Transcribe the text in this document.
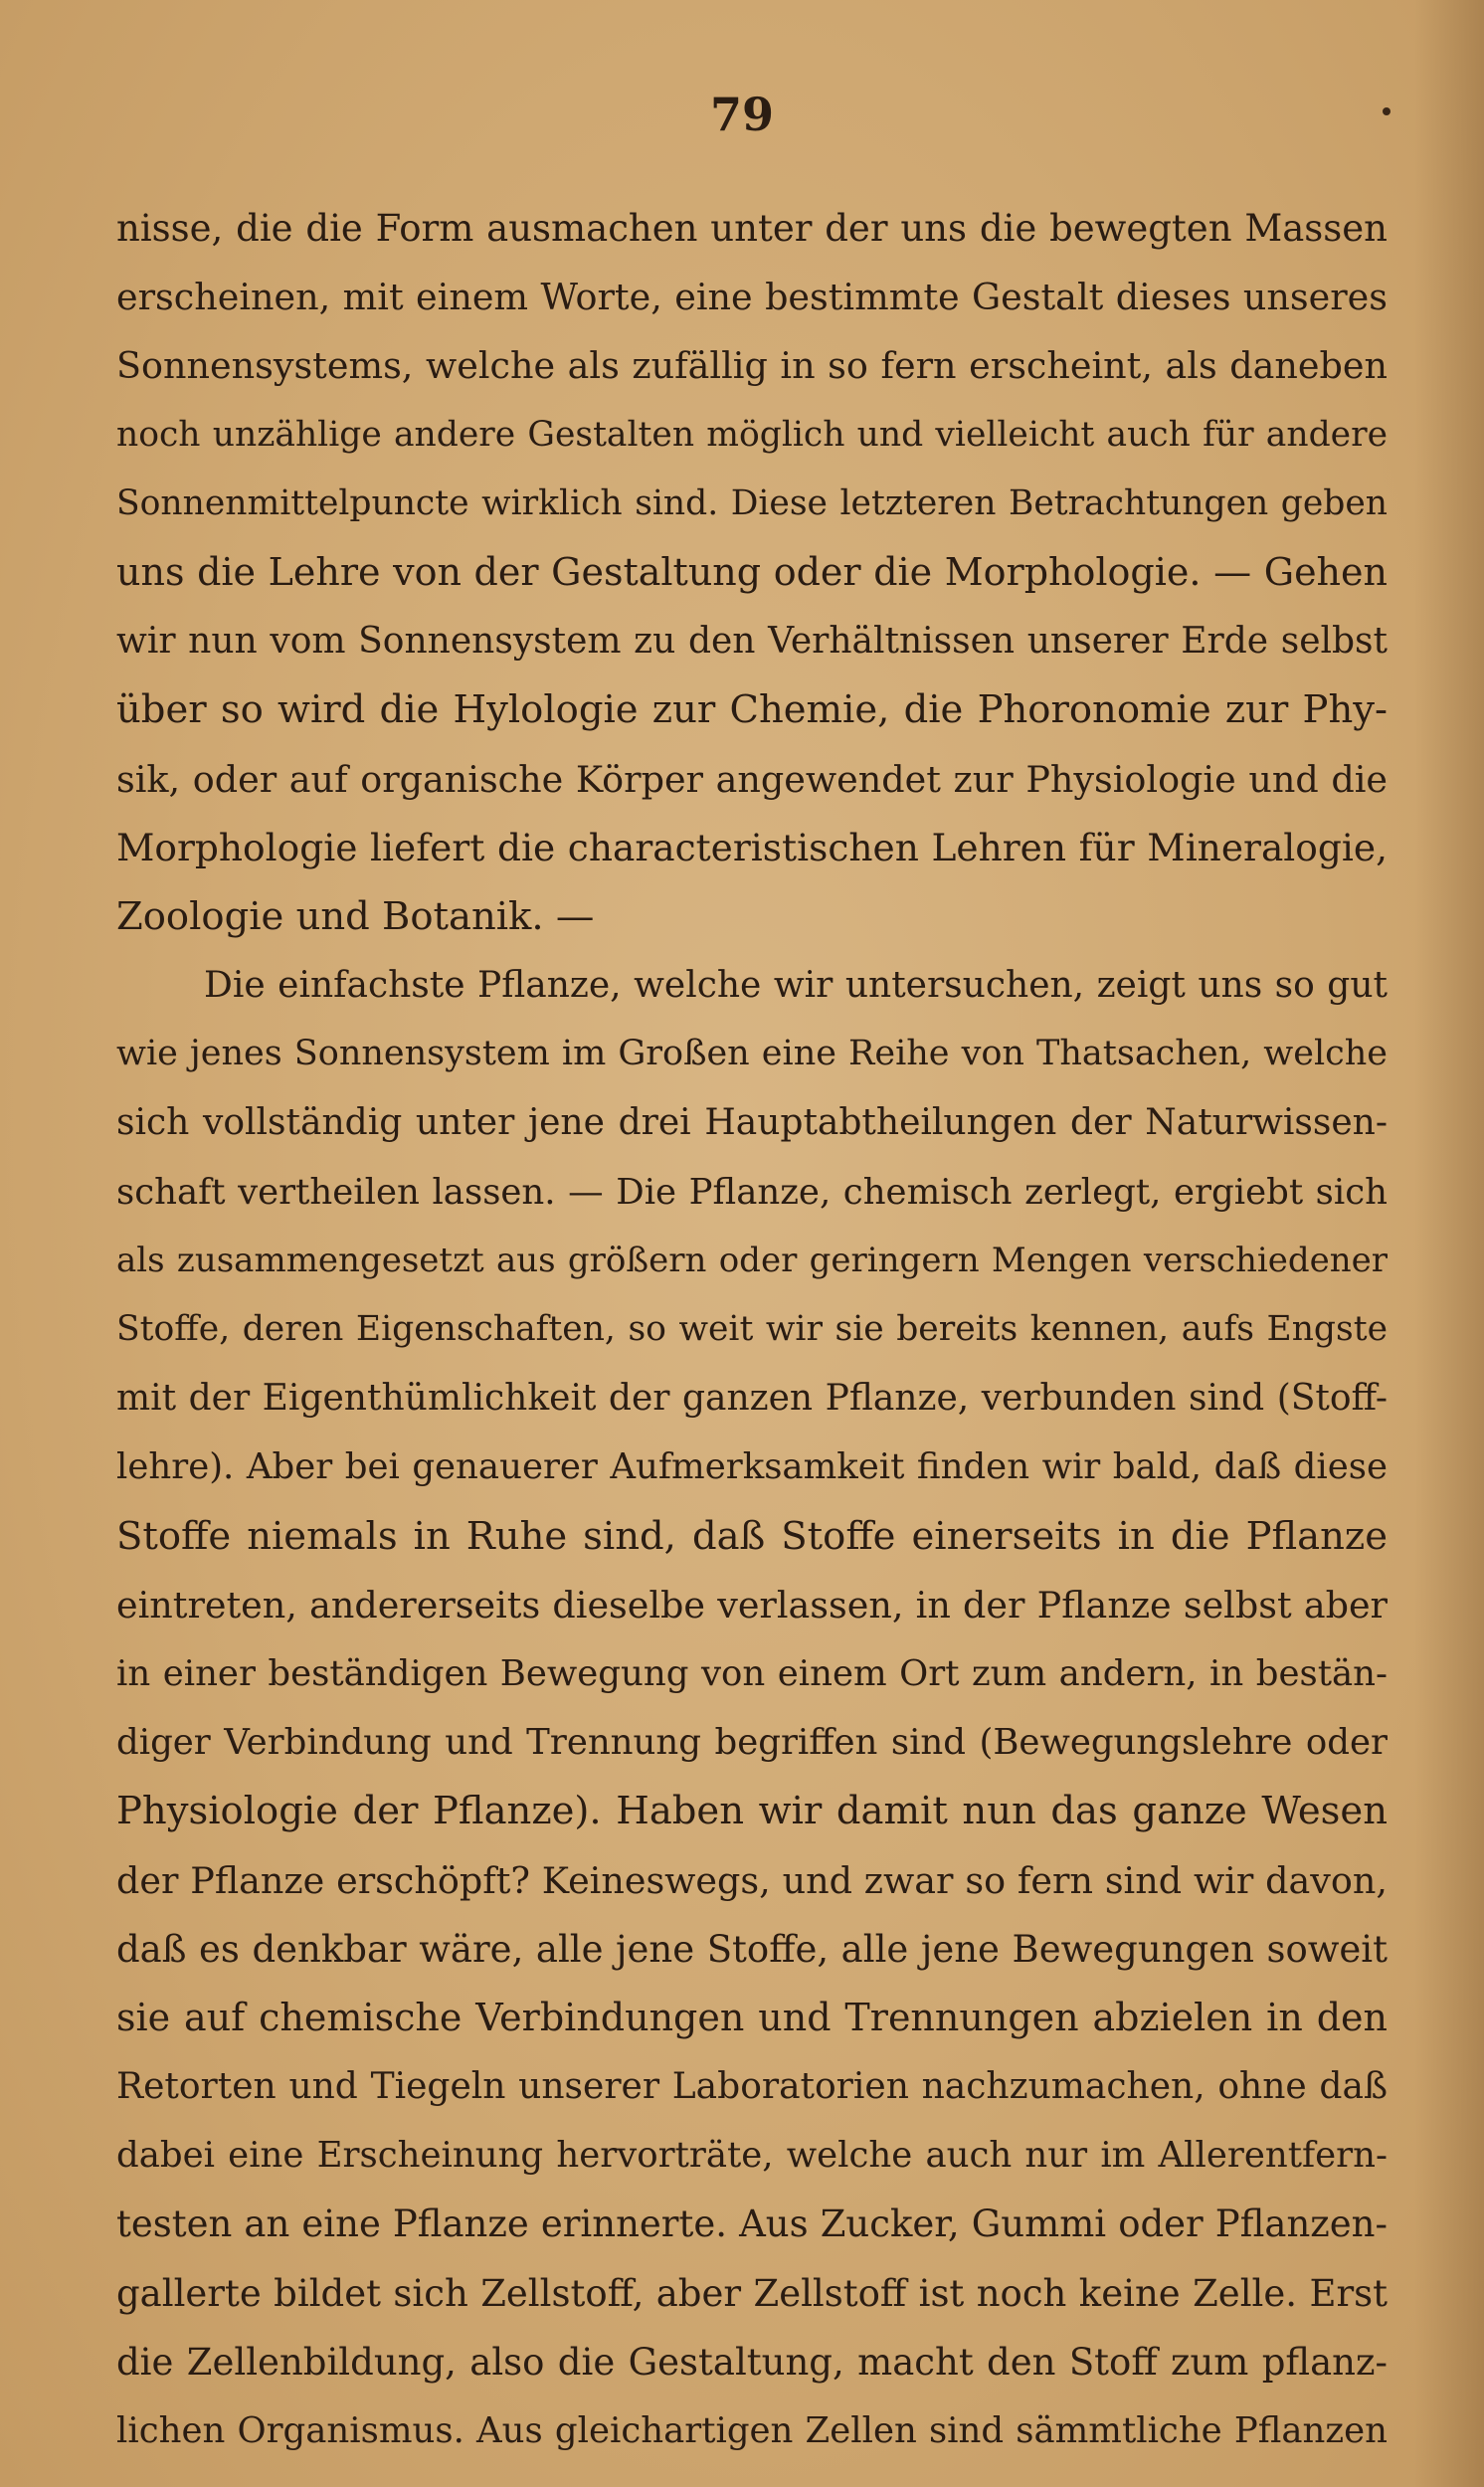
79
nisse, die die Form ausmachen unter der uns die bewegten Massen
erscheinen, mit einem Worte, eine bestimmte Gestalt dieses unseres
Sonnensystems, welche als zufällig in so fern erscheint, als daneben
noch unzählige andere Gestalten möglich und vielleicht auch für andere
Sonnenmittelpuncte wirklich sind. Diese letzteren Betrachtungen geben
uns die Lehre von der Gestaltung oder die Morphologie. — Gehen
wir nun vom Sonnensystem zu den Verhältnissen unserer Erde selbst
über so wird die Hylologie zur Chemie, die Phoronomie zur Phy-
sik, oder auf organische Körper angewendet zur Physiologie und die
Morphologie liefert die characteristischen Lehren für Mineralogie,
Zoologie und Botanik. —
Die einfachste Pflanze, welche wir untersuchen, zeigt uns so gut
wie jenes Sonnensystem im Großen eine Reihe von Thatsachen, welche
sich vollständig unter jene drei Hauptabtheilungen der Naturwissen-
schaft vertheilen lassen. — Die Pflanze, chemisch zerlegt, ergiebt sich
als zusammengesetzt aus größern oder geringern Mengen verschiedener
Stoffe, deren Eigenschaften, so weit wir sie bereits kennen, aufs Engste
mit der Eigenthümlichkeit der ganzen Pflanze, verbunden sind (Stoff-
lehre). Aber bei genauerer Aufmerksamkeit finden wir bald, daß diese
Stoffe niemals in Ruhe sind, daß Stoffe einerseits in die Pflanze
eintreten, andererseits dieselbe verlassen, in der Pflanze selbst aber
in einer beständigen Bewegung von einem Ort zum andern, in bestän-
diger Verbindung und Trennung begriffen sind (Bewegungslehre oder
Physiologie der Pflanze). Haben wir damit nun das ganze Wesen
der Pflanze erschöpft? Keineswegs, und zwar so fern sind wir davon,
daß es denkbar wäre, alle jene Stoffe, alle jene Bewegungen soweit
sie auf chemische Verbindungen und Trennungen abzielen in den
Retorten und Tiegeln unserer Laboratorien nachzumachen, ohne daß
dabei eine Erscheinung hervorträte, welche auch nur im Allerentfern-
testen an eine Pflanze erinnerte. Aus Zucker, Gummi oder Pflanzen-
gallerte bildet sich Zellstoff, aber Zellstoff ist noch keine Zelle. Erst
die Zellenbildung, also die Gestaltung, macht den Stoff zum pflanz-
lichen Organismus. Aus gleichartigen Zellen sind sämmtliche Pflanzen
